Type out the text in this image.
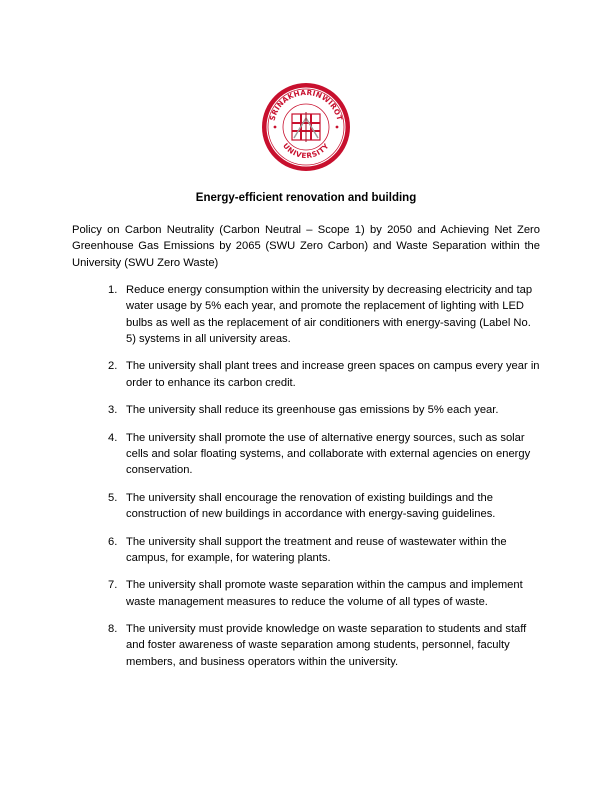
SRINAKHARINWIROT
UNIVERSITY
Energy-efficient renovation and building
Policy on Carbon Neutrality (Carbon Neutral – Scope 1) by 2050 and Achieving Net Zero Greenhouse Gas Emissions by 2065 (SWU Zero Carbon) and Waste Separation within the University (SWU Zero Waste)
1. Reduce energy consumption within the university by decreasing electricity and tap water usage by 5% each year, and promote the replacement of lighting with LED bulbs as well as the replacement of air conditioners with energy-saving (Label No. 5) systems in all university areas.
2. The university shall plant trees and increase green spaces on campus every year in order to enhance its carbon credit.
3. The university shall reduce its greenhouse gas emissions by 5% each year.
4. The university shall promote the use of alternative energy sources, such as solar cells and solar floating systems, and collaborate with external agencies on energy conservation.
5. The university shall encourage the renovation of existing buildings and the construction of new buildings in accordance with energy-saving guidelines.
6. The university shall support the treatment and reuse of wastewater within the campus, for example, for watering plants.
7. The university shall promote waste separation within the campus and implement waste management measures to reduce the volume of all types of waste.
8. The university must provide knowledge on waste separation to students and staff and foster awareness of waste separation among students, personnel, faculty members, and business operators within the university.
